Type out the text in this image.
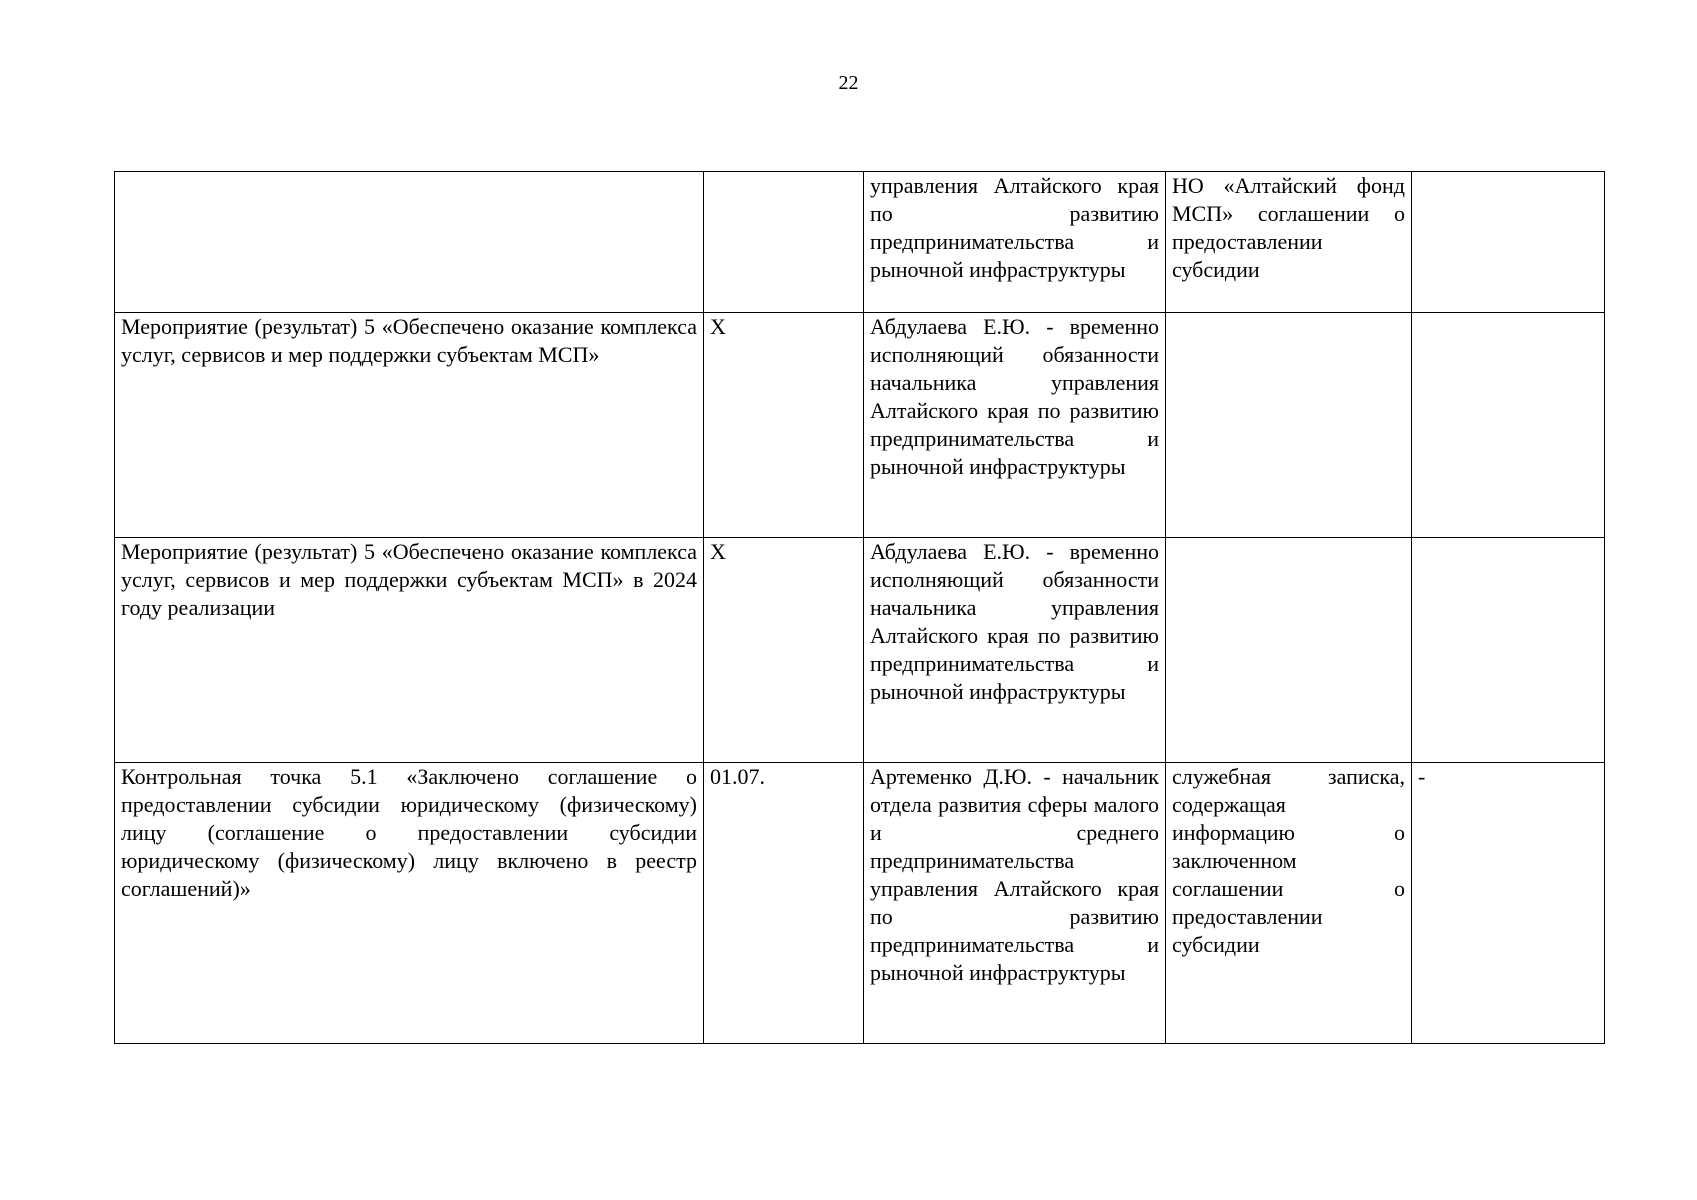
22
		управления Алтайского края по развитию предпринимательства и рыночной инфраструктуры	НО «Алтайский фонд МСП» соглашении о предоставлении субсидии	
Мероприятие (результат) 5 «Обеспечено оказание комплекса услуг, сервисов и мер поддержки субъектам МСП»	Х	Абдулаева Е.Ю. - временно исполняющий обязанности начальника управления Алтайского края по развитию предпринимательства и рыночной инфраструктуры		
Мероприятие (результат) 5 «Обеспечено оказание комплекса услуг, сервисов и мер поддержки субъектам МСП» в 2024 году реализации	Х	Абдулаева Е.Ю. - временно исполняющий обязанности начальника управления Алтайского края по развитию предпринимательства и рыночной инфраструктуры		
Контрольная точка 5.1 «Заключено соглашение о предоставлении субсидии юридическому (физическому) лицу (соглашение о предоставлении субсидии юридическому (физическому) лицу включено в реестр соглашений)»	01.07.	Артеменко Д.Ю. - начальник отдела развития сферы малого и среднего предпринимательства управления Алтайского края по развитию предпринимательства и рыночной инфраструктуры	служебная записка, содержащая информацию о заключенном соглашении о предоставлении субсидии	-
